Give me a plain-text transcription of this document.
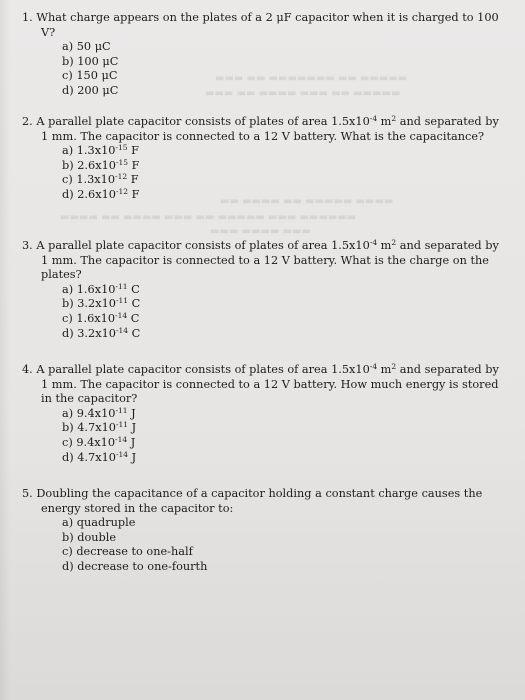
▬▬▬ ▬▬ ▬▬▬▬▬▬▬ ▬▬ ▬▬▬▬▬
▬▬▬ ▬▬ ▬▬▬▬ ▬▬▬ ▬▬ ▬▬▬▬▬
▬▬ ▬▬▬▬ ▬▬ ▬▬▬▬▬ ▬▬▬▬
▬▬▬▬ ▬▬ ▬▬▬▬ ▬▬▬ ▬▬ ▬▬▬▬▬ ▬▬▬ ▬▬▬▬▬▬
▬▬▬ ▬▬▬▬ ▬▬▬

1. What charge appears on the plates of a 2 μF capacitor when it is charged to 100 V?

a) 50 μC
b) 100 μC
c) 150 μC
d) 200 μC

2. A parallel plate capacitor consists of plates of area $1.5x10^{-4}$ $m^2$ and separated by 1 mm. The capacitor is connected to a 12 V battery. What is the capacitance?

a) $1.3x10^{-15}$ F
b) $2.6x10^{-15}$ F
c) $1.3x10^{-12}$ F
d) $2.6x10^{-12}$ F

3. A parallel plate capacitor consists of plates of area $1.5x10^{-4}$ $m^2$ and separated by 1 mm. The capacitor is connected to a 12 V battery. What is the charge on the plates?

a) $1.6x10^{-11}$ C
b) $3.2x10^{-11}$ C
c) $1.6x10^{-14}$ C
d) $3.2x10^{-14}$ C

4. A parallel plate capacitor consists of plates of area $1.5x10^{-4}$ $m^2$ and separated by 1 mm. The capacitor is connected to a 12 V battery. How much energy is stored in the capacitor?

a) $9.4x10^{-11}$ J
b) $4.7x10^{-11}$ J
c) $9.4x10^{-14}$ J
d) $4.7x10^{-14}$ J

5. Doubling the capacitance of a capacitor holding a constant charge causes the energy stored in the capacitor to:

a) quadruple
b) double
c) decrease to one-half
d) decrease to one-fourth
